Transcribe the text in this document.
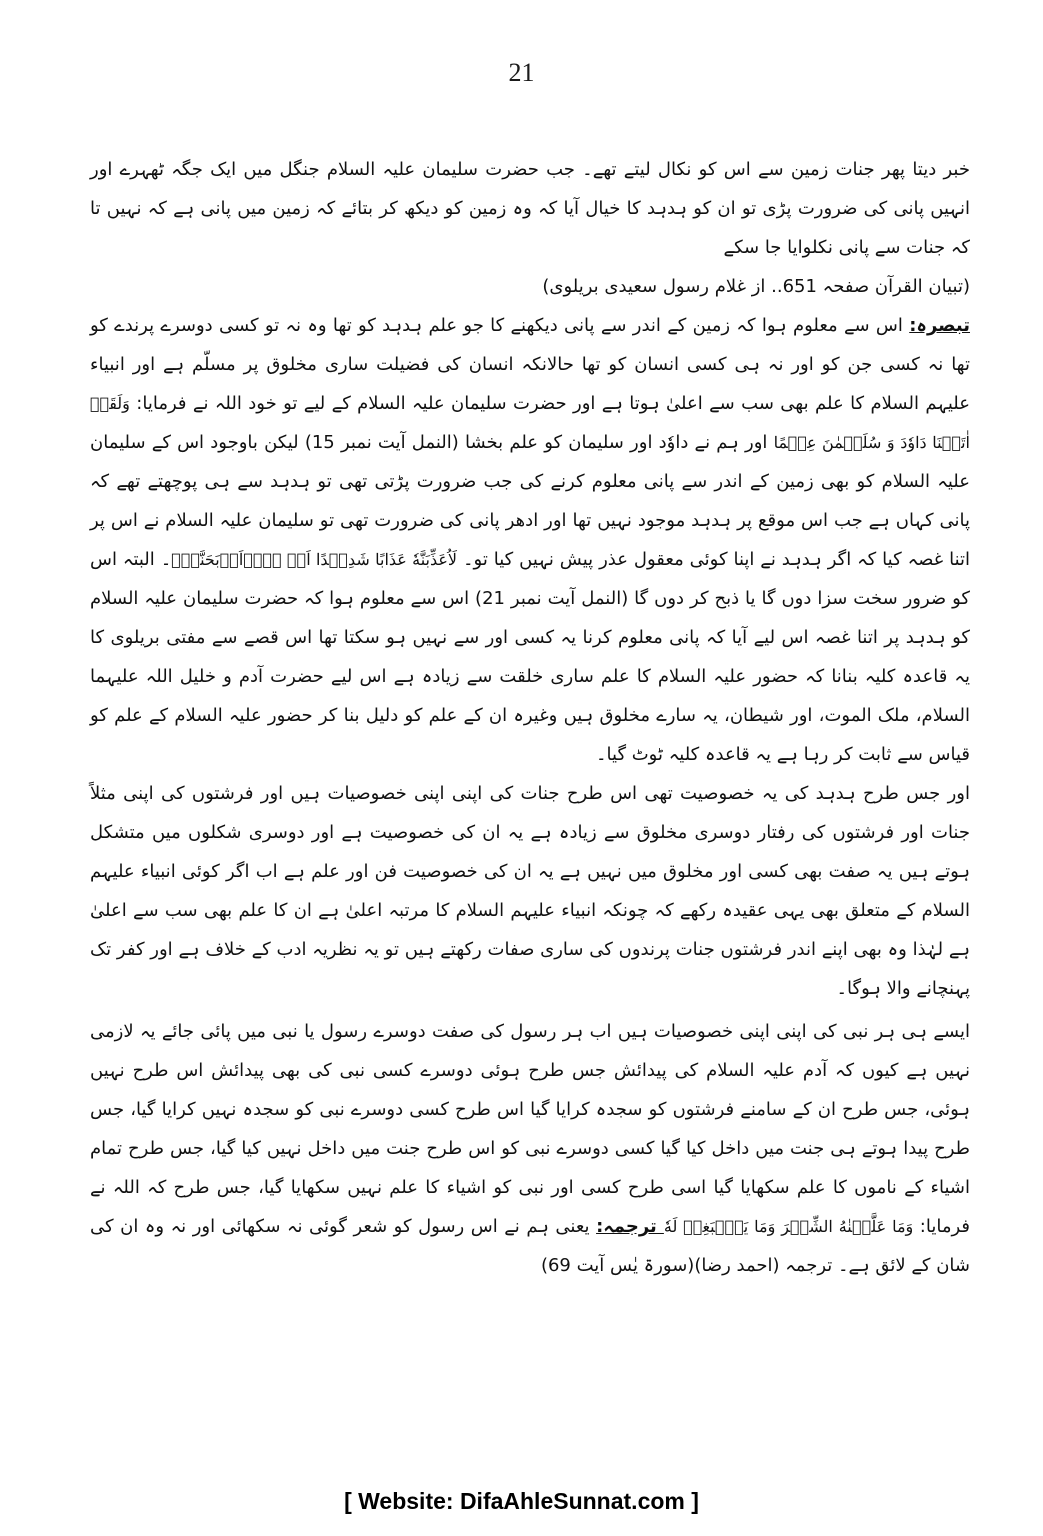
21

خبر دیتا پھر جنات زمین سے اس کو نکال لیتے تھے۔ جب حضرت سلیمان علیہ السلام جنگل میں ایک جگہ ٹھہرے اور انہیں پانی کی ضرورت پڑی تو ان کو ہدہد کا خیال آیا کہ وہ زمین کو دیکھ کر بتائے کہ زمین میں پانی ہے کہ نہیں تا کہ جنات سے پانی نکلوایا جا سکے

(تبیان القرآن صفحہ 651.. از غلام رسول سعیدی بریلوی)

تبصرہ: اس سے معلوم ہوا کہ زمین کے اندر سے پانی دیکھنے کا جو علم ہدہد کو تھا وہ نہ تو کسی دوسرے پرندے کو تھا نہ کسی جن کو اور نہ ہی کسی انسان کو تھا حالانکہ انسان کی فضیلت ساری مخلوق پر مسلّم ہے اور انبیاء علیہم السلام کا علم بھی سب سے اعلیٰ ہوتا ہے اور حضرت سلیمان علیہ السلام کے لیے تو خود اللہ نے فرمایا: وَلَقَدۡ اٰتَیۡنَا دَاوٗدَ وَ سُلَیۡمٰنَ عِلۡمًا اور ہم نے داوٗد اور سلیمان کو علم بخشا (النمل آیت نمبر 15) لیکن باوجود اس کے سلیمان علیہ السلام کو بھی زمین کے اندر سے پانی معلوم کرنے کی جب ضرورت پڑتی تھی تو ہدہد سے ہی پوچھتے تھے کہ پانی کہاں ہے جب اس موقع پر ہدہد موجود نہیں تھا اور ادھر پانی کی ضرورت تھی تو سلیمان علیہ السلام نے اس پر اتنا غصہ کیا کہ اگر ہدہد نے اپنا کوئی معقول عذر پیش نہیں کیا تو۔ لَاُعَذِّبَنَّهٗ عَذَابًا شَدِیۡدًا اَوۡ لَاۡاَذۡبَحَنَّهٗۤ۔ البتہ اس کو ضرور سخت سزا دوں گا یا ذبح کر دوں گا (النمل آیت نمبر 21) اس سے معلوم ہوا کہ حضرت سلیمان علیہ السلام کو ہدہد پر اتنا غصہ اس لیے آیا کہ پانی معلوم کرنا یہ کسی اور سے نہیں ہو سکتا تھا اس قصے سے مفتی بریلوی کا یہ قاعدہ کلیہ بنانا کہ حضور علیہ السلام کا علم ساری خلقت سے زیادہ ہے اس لیے حضرت آدم و خلیل اللہ علیہما السلام، ملک الموت، اور شیطان، یہ سارے مخلوق ہیں وغیرہ ان کے علم کو دلیل بنا کر حضور علیہ السلام کے علم کو قیاس سے ثابت کر رہا ہے یہ قاعدہ کلیہ ٹوٹ گیا۔

اور جس طرح ہدہد کی یہ خصوصیت تھی اس طرح جنات کی اپنی اپنی خصوصیات ہیں اور فرشتوں کی اپنی مثلاً جنات اور فرشتوں کی رفتار دوسری مخلوق سے زیادہ ہے یہ ان کی خصوصیت ہے اور دوسری شکلوں میں متشکل ہوتے ہیں یہ صفت بھی کسی اور مخلوق میں نہیں ہے یہ ان کی خصوصیت فن اور علم ہے اب اگر کوئی انبیاء علیہم السلام کے متعلق بھی یہی عقیدہ رکھے کہ چونکہ انبیاء علیہم السلام کا مرتبہ اعلیٰ ہے ان کا علم بھی سب سے اعلیٰ ہے لہٰذا وہ بھی اپنے اندر فرشتوں جنات پرندوں کی ساری صفات رکھتے ہیں تو یہ نظریہ ادب کے خلاف ہے اور کفر تک پہنچانے والا ہوگا۔

ایسے ہی ہر نبی کی اپنی اپنی خصوصیات ہیں اب ہر رسول کی صفت دوسرے رسول یا نبی میں پائی جائے یہ لازمی نہیں ہے کیوں کہ آدم علیہ السلام کی پیدائش جس طرح ہوئی دوسرے کسی نبی کی بھی پیدائش اس طرح نہیں ہوئی، جس طرح ان کے سامنے فرشتوں کو سجدہ کرایا گیا اس طرح کسی دوسرے نبی کو سجدہ نہیں کرایا گیا، جس طرح پیدا ہوتے ہی جنت میں داخل کیا گیا کسی دوسرے نبی کو اس طرح جنت میں داخل نہیں کیا گیا، جس طرح تمام اشیاء کے ناموں کا علم سکھایا گیا اسی طرح کسی اور نبی کو اشیاء کا علم نہیں سکھایا گیا، جس طرح کہ اللہ نے فرمایا: وَمَا عَلَّمۡنٰهُ الشِّعۡرَ وَمَا یَنۡۢبَغِیۡ لَهٗ ترجمہ: یعنی ہم نے اس رسول کو شعر گوئی نہ سکھائی اور نہ وہ ان کی شان کے لائق ہے۔ ترجمہ (احمد رضا)(سورۃ یٰس آیت 69)

[ Website: DifaAhleSunnat.com ]
